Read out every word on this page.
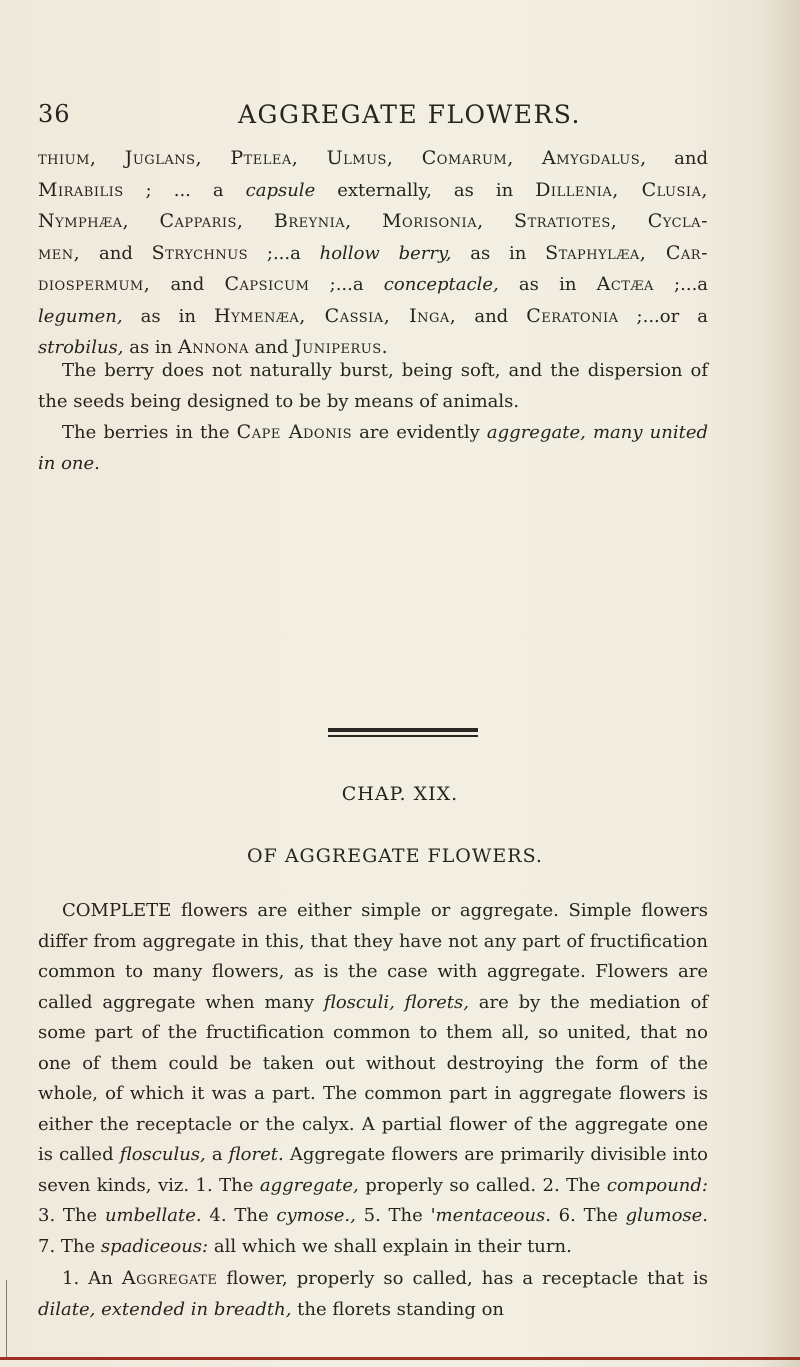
36	AGGREGATE FLOWERS.

thium, Juglans, Ptelea, Ulmus, Comarum, Amygdalus, and

Mirabilis ; ... a capsule externally, as in Dillenia, Clusia,

Nymphæa, Capparis, Breynia, Morisonia, Stratiotes, Cycla-

men, and Strychnus ;...a hollow berry, as in Staphylæa, Car-

diospermum, and Capsicum ;...a conceptacle, as in Actæa ;...a

legumen, as in Hymenæa, Cassia, Inga, and Ceratonia ;...or a

strobilus, as in Annona and Juniperus.

The berry does not naturally burst, being soft, and the dispersion of the seeds being designed to be by means of animals.

The berries in the Cape Adonis are evidently aggregate, many united in one.

CHAP. XIX.
OF AGGREGATE FLOWERS.

COMPLETE flowers are either simple or aggregate. Simple flowers differ from aggregate in this, that they have not any part of fructification common to many flowers, as is the case with aggregate. Flowers are called aggregate when many flosculi, florets, are by the mediation of some part of the fructification common to them all, so united, that no one of them could be taken out without destroying the form of the whole, of which it was a part. The common part in aggregate flowers is either the receptacle or the calyx. A partial flower of the aggregate one is called flosculus, a floret. Aggregate flowers are primarily divisible into seven kinds, viz. 1. The aggregate, properly so called. 2. The compound: 3. The umbellate. 4. The cymose., 5. The 'mentaceous. 6. The glumose. 7. The spadiceous: all which we shall explain in their turn.

1. An Aggregate flower, properly so called, has a receptacle that is dilate, extended in breadth, the florets standing on
